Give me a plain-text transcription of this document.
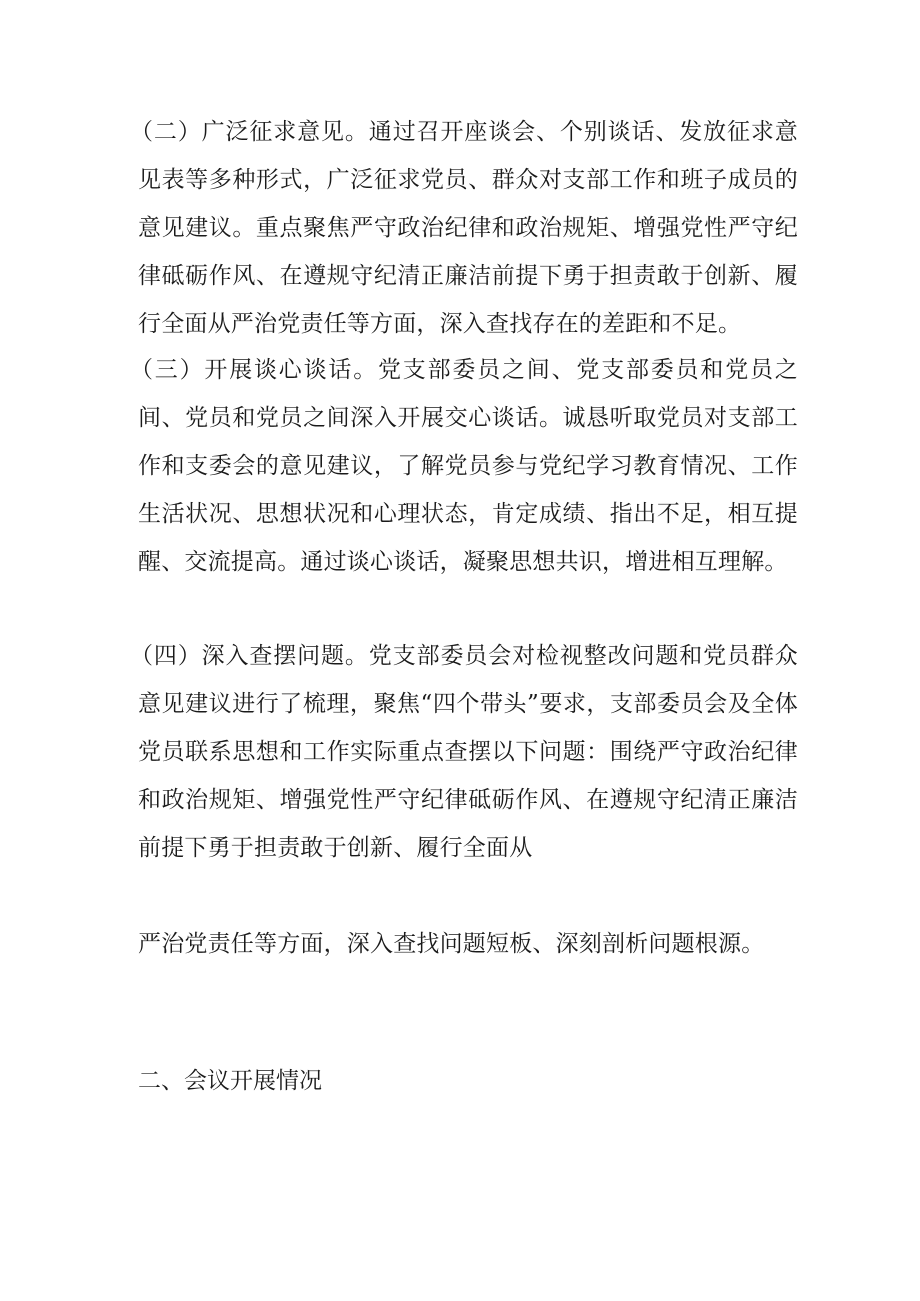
（二）广泛征求意见。通过召开座谈会、个别谈话、发放征求意见表等多种形式，广泛征求党员、群众对支部工作和班子成员的意见建议。重点聚焦严守政治纪律和政治规矩、增强党性严守纪律砥砺作风、在遵规守纪清正廉洁前提下勇于担责敢于创新、履行全面从严治党责任等方面，深入查找存在的差距和不足。

（三）开展谈心谈话。党支部委员之间、党支部委员和党员之间、党员和党员之间深入开展交心谈话。诚恳听取党员对支部工作和支委会的意见建议，了解党员参与党纪学习教育情况、工作生活状况、思想状况和心理状态，肯定成绩、指出不足，相互提醒、交流提高。通过谈心谈话，凝聚思想共识，增进相互理解。

（四）深入查摆问题。党支部委员会对检视整改问题和党员群众意见建议进行了梳理，聚焦“四个带头”要求，支部委员会及全体党员联系思想和工作实际重点查摆以下问题：围绕严守政治纪律和政治规矩、增强党性严守纪律砥砺作风、在遵规守纪清正廉洁前提下勇于担责敢于创新、履行全面从

严治党责任等方面，深入查找问题短板、深刻剖析问题根源。

二、会议开展情况
